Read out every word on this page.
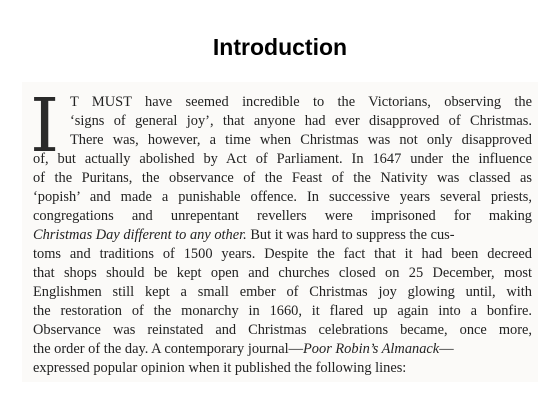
Introduction
I T MUST have seemed incredible to the Victorians, observing the
‘signs of general joy’, that anyone had ever disapproved of Christmas.
There was, however, a time when Christmas was not only disapproved
of, but actually abolished by Act of Parliament. In 1647 under the influence
of the Puritans, the observance of the Feast of the Nativity was classed as
‘popish’ and made a punishable offence. In successive years several priests,
congregations and unrepentant revellers were imprisoned for making
Christmas Day different to any other. But it was hard to suppress the cus-
toms and traditions of 1500 years. Despite the fact that it had been decreed
that shops should be kept open and churches closed on 25 December, most
Englishmen still kept a small ember of Christmas joy glowing until, with
the restoration of the monarchy in 1660, it flared up again into a bonfire.
Observance was reinstated and Christmas celebrations became, once more,
the order of the day. A contemporary journal—Poor Robin’s Almanack—
expressed popular opinion when it published the following lines:
